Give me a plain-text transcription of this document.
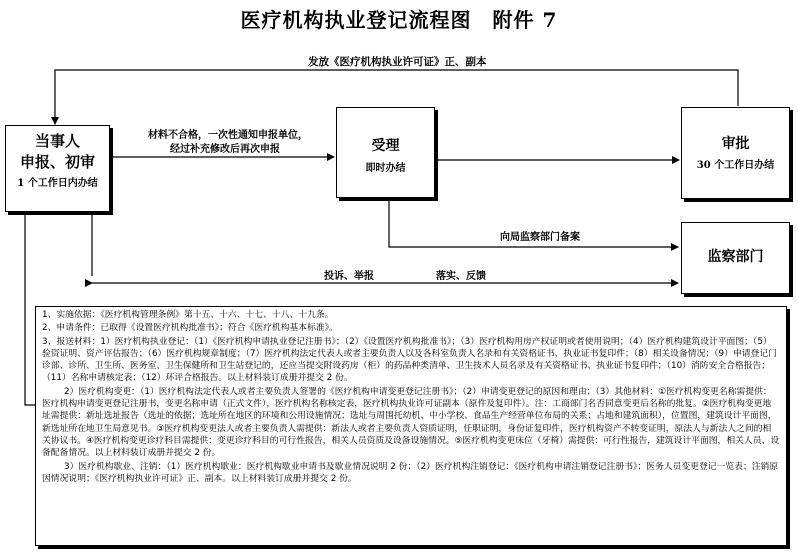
医疗机构执业登记流程图　附件 7
当事人
申报、初审
1 个工作日内办结
受理
即时办结
审批
30 个工作日办结
监察部门
发放《医疗机构执业许可证》正、副本
材料不合格，一次性通知申报单位，
经过补充修改后再次申报
向局监察部门备案
投诉、举报	落实、反馈

1、实施依据：《医疗机构管理条例》第十五、十六、十七、十八、十九条。

2、申请条件：已取得《设置医疗机构批准书》；符合《医疗机构基本标准》。

3、报送材料：1）医疗机构执业登记：（1）《医疗机构申请执业登记注册书》；（2）《设置医疗机构批准书》；（3）医疗机构用房产权证明或者使用说明；（4）医疗机构建筑设计平面图；（5）验资证明、资产评估报告；（6）医疗机构规章制度；（7）医疗机构法定代表人或者主要负责人以及各科室负责人名录和有关资格证书、执业证书复印件；（8）相关设备情况；（9）申请登记门诊部、诊所、卫生所、医务室、卫生保健所和卫生站登记的，还应当提交附设药房（柜）的药品种类清单、卫生技术人员名录及有关资格证书、执业证书复印件；（10）消防安全合格报告；（11）名称申请核定表；（12）环评合格报告。以上材料装订成册并提交 2 份。

2）医疗机构变更：（1）医疗机构法定代表人或者主要负责人签署的《医疗机构申请变更登记注册书》；（2）申请变更登记的原因和理由；（3）其他材料：①医疗机构变更名称需提供：医疗机构申请变更登记注册书，变更名称申请（正式文件），医疗机构名称核定表，医疗机构执业许可证副本（原件及复印件）。注：工商部门名否同意变更后名称的批复。②医疗机构变更地址需提供：新址选址报告（选址的依据；选址所在地区的环境和公用设施情况；选址与周围托幼机、中小学校、食品生产经营单位布局的关系；占地和建筑面积），位置图，建筑设计平面图，新选址所在地卫生局意见书。③医疗机构变更法人或者主要负责人需提供：新法人或者主要负责人资质证明，任职证明，身份证复印件，医疗机构资产不转变证明，原法人与新法人之间的相关协议书。④医疗机构变更诊疗科目需提供：变更诊疗科目的可行性报告，相关人员资质及设备设施情况。⑤医疗机构变更床位（牙椅）需提供：可行性报告，建筑设计平面图，相关人员、设备配备情况。以上材料装订成册并提交 2 份。

3）医疗机构歇业、注销：（1）医疗机构歇业：医疗机构歇业申请书及歇业情况说明 2 份；（2）医疗机构注销登记：《医疗机构申请注销登记注册书》；医务人员变更登记一览表；注销原因情况说明；《医疗机构执业许可证》正、副本。以上材料装订成册并提交 2 份。
